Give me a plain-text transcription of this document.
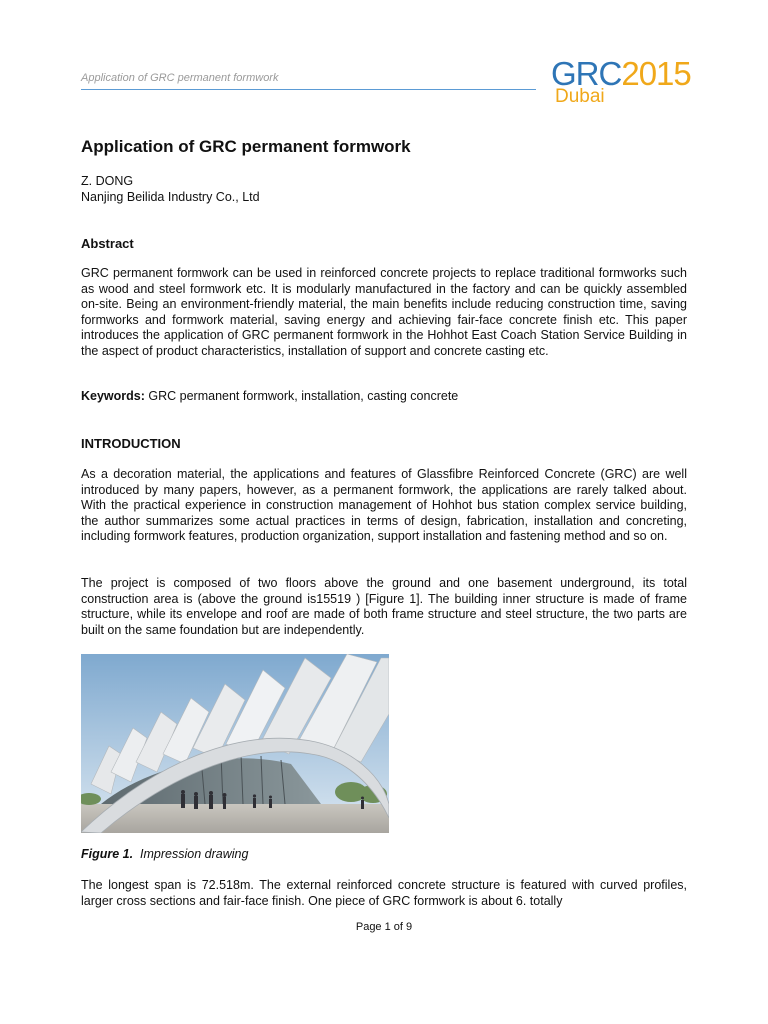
Application of GRC permanent formwork	GRC2015
Dubai
Application of GRC permanent formwork
Z. DONG
Nanjing Beilida Industry Co., Ltd
Abstract

GRC permanent formwork can be used in reinforced concrete projects to replace traditional formworks such as wood and steel formwork etc. It is modularly manufactured in the factory and can be quickly assembled on-site. Being an environment-friendly material, the main benefits include reducing construction time, saving formworks and formwork material, saving energy and achieving fair-face concrete finish etc. This paper introduces the application of GRC permanent formwork in the Hohhot East Coach Station Service Building in the aspect of product characteristics, installation of support and concrete casting etc.

Keywords: GRC permanent formwork, installation, casting concrete

INTRODUCTION

As a decoration material, the applications and features of Glassfibre Reinforced Concrete (GRC) are well introduced by many papers, however, as a permanent formwork, the applications are rarely talked about. With the practical experience in construction management of Hohhot bus station complex service building, the author summarizes some actual practices in terms of design, fabrication, installation and concreting, including formwork features, production organization, support installation and fastening method and so on.

The project is composed of two floors above the ground and one basement underground, its total construction area is (above the ground is15519 ) [Figure 1]. The building inner structure is made of frame structure, while its envelope and roof are made of both frame structure and steel structure, the two parts are built on the same foundation but are independently.

Figure 1. Impression drawing

The longest span is 72.518m. The external reinforced concrete structure is featured with curved profiles, larger cross sections and fair-face finish. One piece of GRC formwork is about 6. totally

Page 1 of 9
